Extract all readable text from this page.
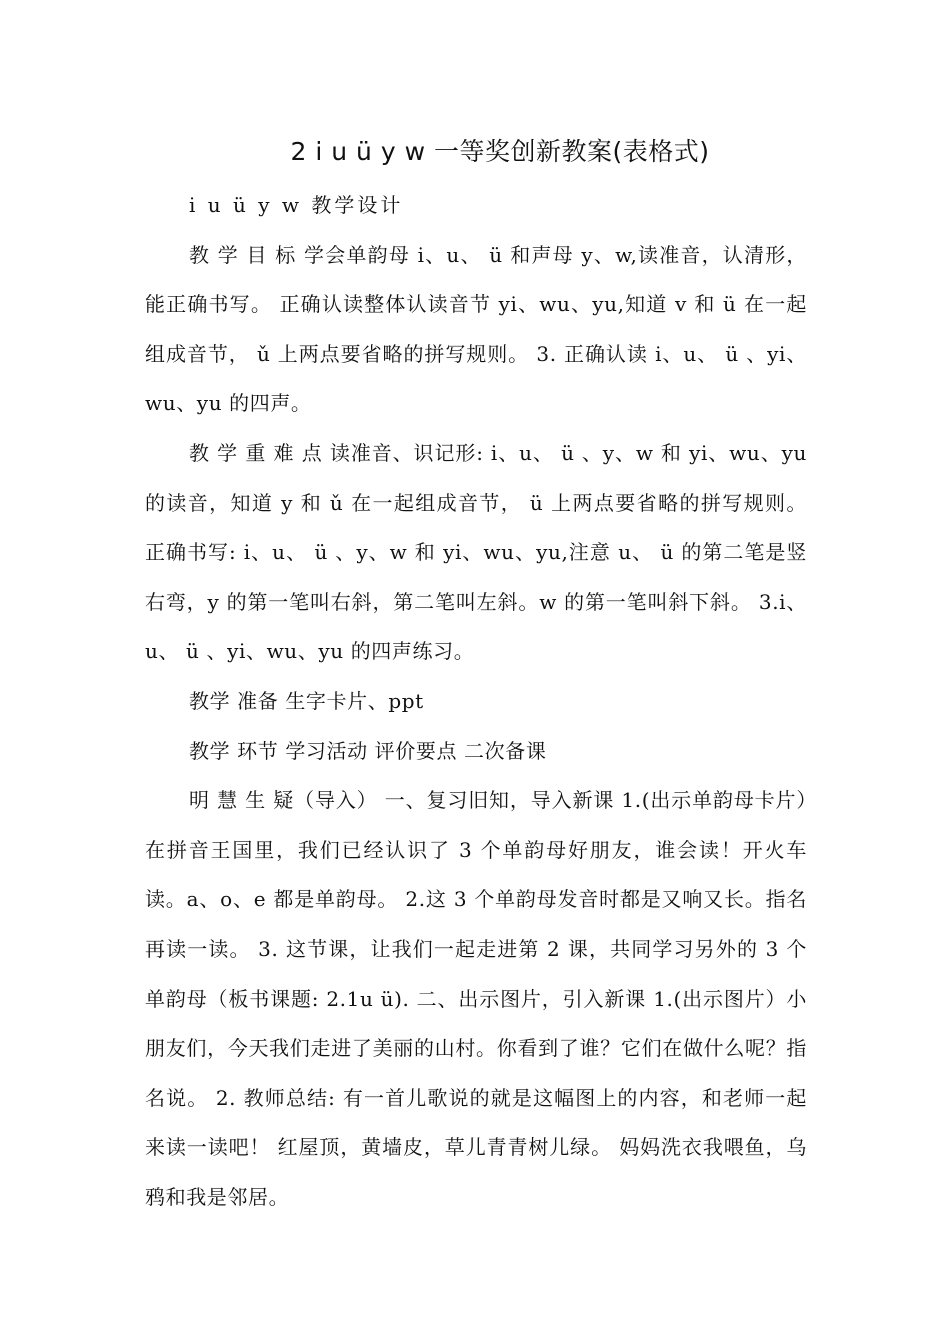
2 i u ü y w 一等奖创新教案(表格式)

i u ü y w 教学设计

教 学 目 标 学会单韵母 i、u、 ü 和声母 y、w,读准音，认清形，能正确书写。 正确认读整体认读音节 yi、wu、yu,知道 v 和 ü 在一起组成音节， ǔ 上两点要省略的拼写规则。 3. 正确认读 i、u、 ü 、yi、wu、yu 的四声。

教 学 重 难 点 读准音、识记形: i、u、 ü 、y、w 和 yi、wu、yu 的读音，知道 y 和 ǔ 在一起组成音节， ü 上两点要省略的拼写规则。 正确书写: i、u、 ü 、y、w 和 yi、wu、yu,注意 u、 ü 的第二笔是竖右弯，y 的第一笔叫右斜，第二笔叫左斜。w 的第一笔叫斜下斜。 3.i、u、 ü 、yi、wu、yu 的四声练习。

教学 准备 生字卡片、ppt

教学 环节 学习活动 评价要点 二次备课

明 慧 生 疑（导入） 一、复习旧知，导入新课 1.(出示单韵母卡片）在拼音王国里，我们已经认识了 3 个单韵母好朋友，谁会读！开火车读。a、o、e 都是单韵母。 2.这 3 个单韵母发音时都是又响又长。指名再读一读。 3. 这节课，让我们一起走进第 2 课，共同学习另外的 3 个单韵母（板书课题: 2.1u ü). 二、出示图片，引入新课 1.(出示图片）小朋友们，今天我们走进了美丽的山村。你看到了谁？它们在做什么呢？指名说。 2. 教师总结: 有一首儿歌说的就是这幅图上的内容，和老师一起来读一读吧！ 红屋顶，黄墙皮，草儿青青树儿绿。 妈妈洗衣我喂鱼，乌鸦和我是邻居。
